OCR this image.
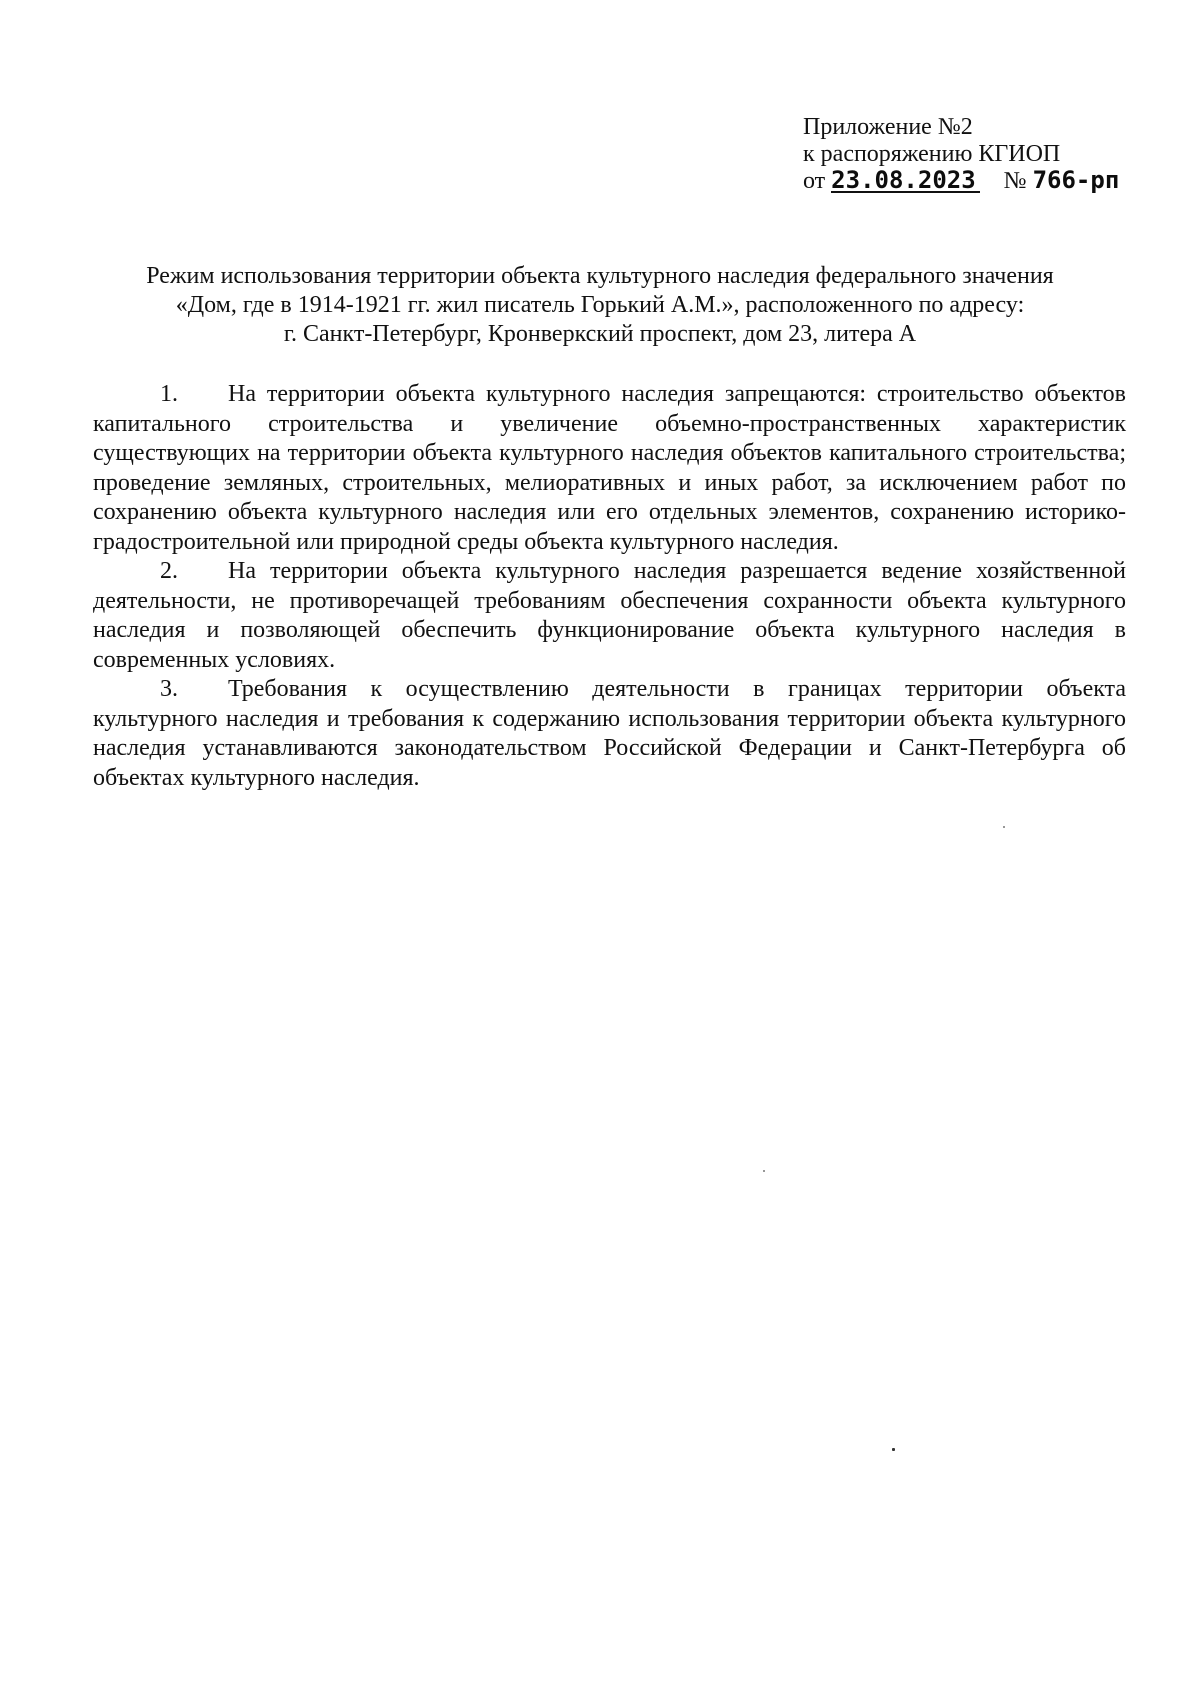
Приложение №2
к распоряжению КГИОП
от 23.08.2023 № 766-рп
Режим использования территории объекта культурного наследия федерального значения
«Дом, где в 1914-1921 гг. жил писатель Горький А.М.», расположенного по адресу:
г. Санкт-Петербург, Кронверкский проспект, дом 23, литера А

1. На территории объекта культурного наследия запрещаются: строительство объектов капитального строительства и увеличение объемно-пространственных характеристик существующих на территории объекта культурного наследия объектов капитального строительства; проведение земляных, строительных, мелиоративных и иных работ, за исключением работ по сохранению объекта культурного наследия или его отдельных элементов, сохранению историко-градостроительной или природной среды объекта культурного наследия.

2. На территории объекта культурного наследия разрешается ведение хозяйственной деятельности, не противоречащей требованиям обеспечения сохранности объекта культурного наследия и позволяющей обеспечить функционирование объекта культурного наследия в современных условиях.

3. Требования к осуществлению деятельности в границах территории объекта культурного наследия и требования к содержанию использования территории объекта культурного наследия устанавливаются законодательством Российской Федерации и Санкт-Петербурга об объектах культурного наследия.
